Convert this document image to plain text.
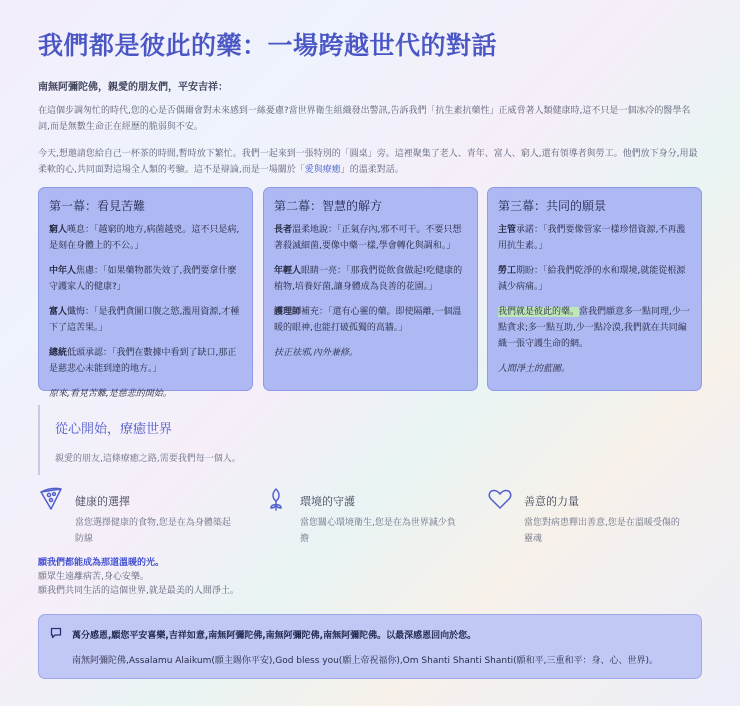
我們都是彼此的藥：一場跨越世代的對話
南無阿彌陀佛，親愛的朋友們，平安吉祥：

在這個步調匆忙的時代,您的心是否偶爾會對未來感到一絲憂慮?當世界衛生組織發出警訊,告訴我們「抗生素抗藥性」正威脅著人類健康時,這不只是一個冰冷的醫學名詞,而是無數生命正在經歷的脆弱與不安。

今天,想邀請您給自己一杯茶的時間,暫時放下繁忙。我們一起來到一張特別的「圓桌」旁。這裡聚集了老人、青年、富人、窮人,還有領導者與勞工。他們放下身分,用最柔軟的心,共同面對這場全人類的考驗。這不是辯論,而是一場關於「愛與療癒」的溫柔對話。

第一幕：看見苦難

窮人嘆息：「越窮的地方,病菌越兇。這不只是病,是刻在身體上的不公。」

中年人焦慮：「如果藥物都失效了,我們要拿什麼守護家人的健康?」

富人懺悔：「是我們貪圖口腹之慾,濫用資源,才種下了這苦果。」

總統低頭承認：「我們在數據中看到了缺口,那正是慈悲心未能到達的地方。」

原來,看見苦難,是慈悲的開始。

第二幕：智慧的解方

長者溫柔地說：「正氣存內,邪不可干。不要只想著殺滅細菌,要像中藥一樣,學會轉化與調和。」

年輕人眼睛一亮：「那我們從飲食做起!吃健康的植物,培養好菌,讓身體成為良善的花園。」

護理師補充：「還有心靈的藥。即使隔離,一個溫暖的眼神,也能打破孤獨的高牆。」

扶正祛邪,內外兼修。

第三幕：共同的願景

主管承諾：「我們要像管家一樣珍惜資源,不再濫用抗生素。」

勞工期盼：「給我們乾淨的水和環境,就能從根源減少病痛。」

我們就是彼此的藥。當我們願意多一點同理,少一點貪求;多一點互助,少一點冷漠,我們就在共同編織一張守護生命的網。

人間淨土的藍圖。

從心開始，療癒世界

親愛的朋友,這條療癒之路,需要我們每一個人。

健康的選擇

當您選擇健康的食物,您是在為身體築起防線

環境的守護

當您關心環境衛生,您是在為世界減少負擔

善意的力量

當您對病患釋出善意,您是在溫暖受傷的靈魂

願我們都能成為那道溫暖的光。
願眾生遠離病苦,身心安樂。
願我們共同生活的這個世界,就是最美的人間淨土。
萬分感恩,願您平安喜樂,吉祥如意,南無阿彌陀佛,南無阿彌陀佛,南無阿彌陀佛。以最深感恩回向於您。
南無阿彌陀佛,Assalamu Alaikum(願主賜你平安),God bless you(願上帝祝福你),Om Shanti Shanti Shanti(願和平,三重和平：身、心、世界)。
